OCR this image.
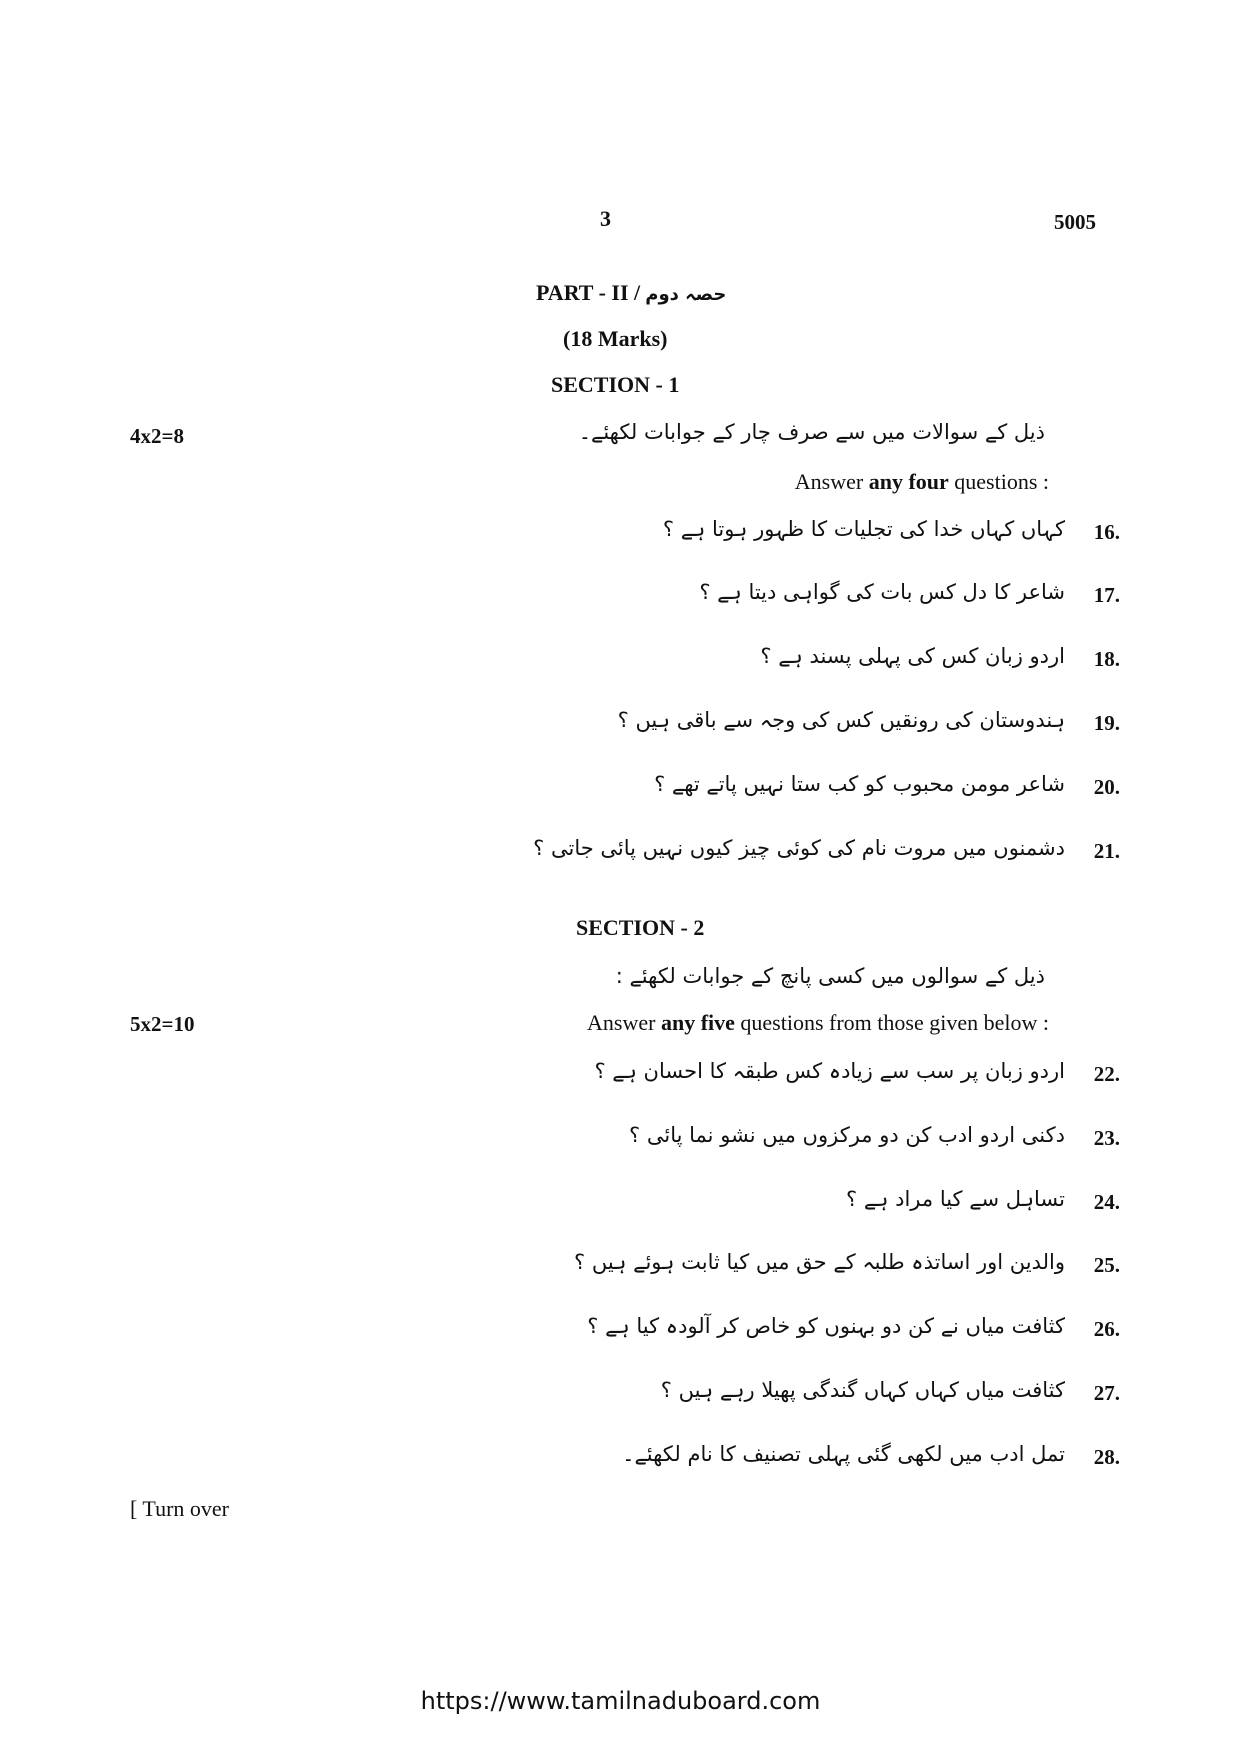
3	5005
PART - II / حصہ دوم
(18 Marks)
SECTION - 1
4x2=8	ذیل کے سوالات میں سے صرف چار کے جوابات لکھئے۔
Answer any four questions :
16.
کہاں کہاں خدا کی تجلیات کا ظہور ہوتا ہے ؟
17.
شاعر کا دل کس بات کی گواہی دیتا ہے ؟
18.
اردو زبان کس کی پہلی پسند ہے ؟
19.
ہندوستان کی رونقیں کس کی وجہ سے باقی ہیں ؟
20.
شاعر مومن محبوب کو کب ستا نہیں پاتے تھے ؟
21.
دشمنوں میں مروت نام کی کوئی چیز کیوں نہیں پائی جاتی ؟
SECTION - 2
ذیل کے سوالوں میں کسی پانچ کے جوابات لکھئے :
5x2=10	Answer any five questions from those given below :
22.
اردو زبان پر سب سے زیادہ کس طبقہ کا احسان ہے ؟
23.
دکنی اردو ادب کن دو مرکزوں میں نشو نما پائی ؟
24.
تساہل سے کیا مراد ہے ؟
25.
والدین اور اساتذہ طلبہ کے حق میں کیا ثابت ہوئے ہیں ؟
26.
کثافت میاں نے کن دو بہنوں کو خاص کر آلودہ کیا ہے ؟
27.
کثافت میاں کہاں کہاں گندگی پھیلا رہے ہیں ؟
28.
تمل ادب میں لکھی گئی پہلی تصنیف کا نام لکھئے۔
[ Turn over
https://www.tamilnaduboard.com
